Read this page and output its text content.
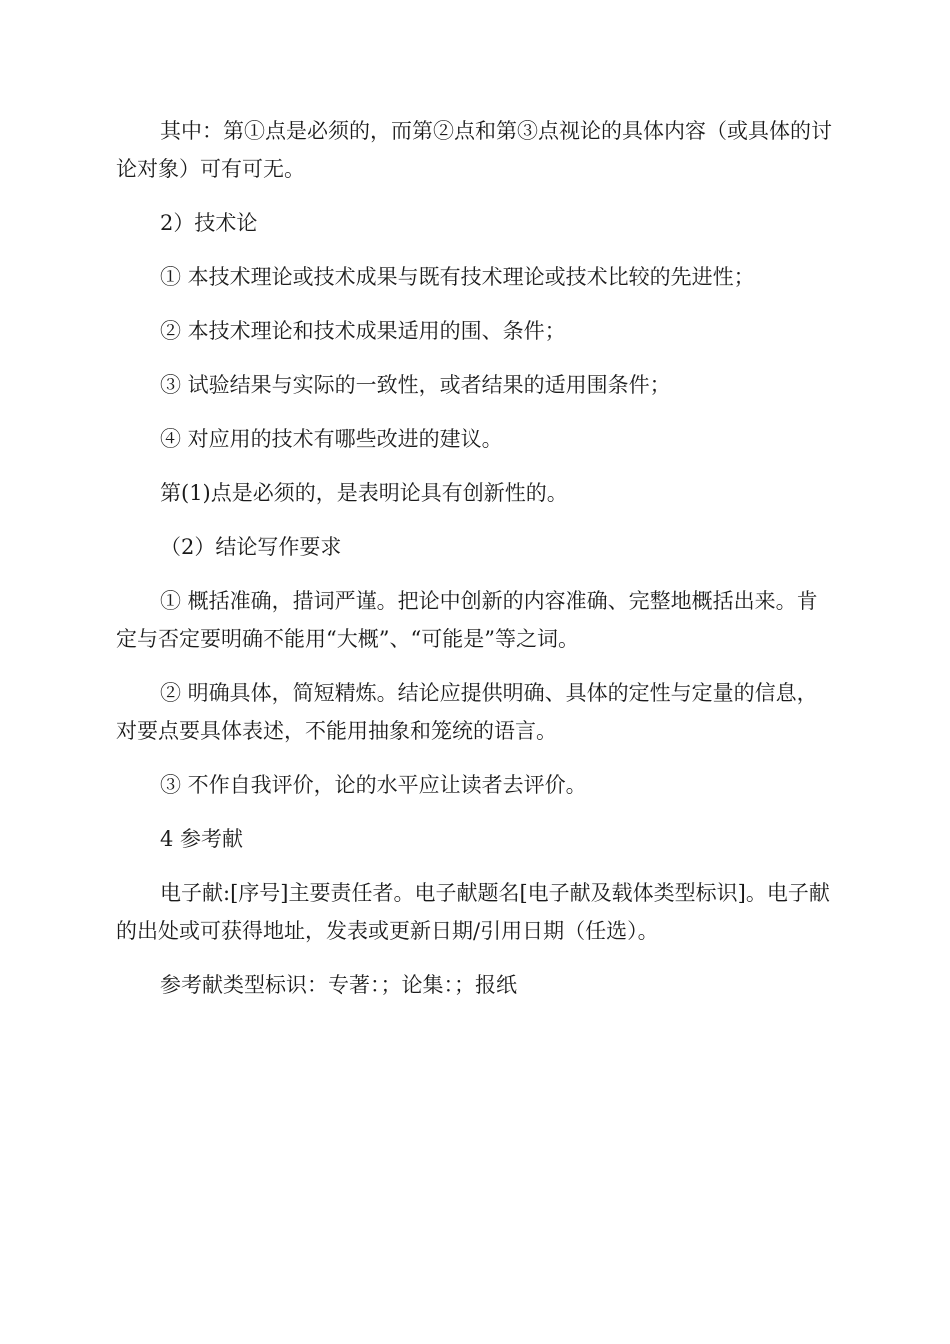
其中：第①点是必须的，而第②点和第③点视论的具体内容（或具体的讨论对象）可有可无。

2）技术论

① 本技术理论或技术成果与既有技术理论或技术比较的先进性；

② 本技术理论和技术成果适用的围、条件；

③ 试验结果与实际的一致性，或者结果的适用围条件；

④ 对应用的技术有哪些改进的建议。

第(1)点是必须的，是表明论具有创新性的。

（2）结论写作要求

① 概括准确，措词严谨。把论中创新的内容准确、完整地概括出来。肯定与否定要明确不能用“大概”、“可能是”等之词。

② 明确具体，简短精炼。结论应提供明确、具体的定性与定量的信息，对要点要具体表述，不能用抽象和笼统的语言。

③ 不作自我评价，论的水平应让读者去评价。

4 参考献

电子献:[序号]主要责任者。电子献题名[电子献及载体类型标识]。电子献的出处或可获得地址，发表或更新日期/引用日期（任选）。

参考献类型标识：专著：；论集：；报纸
